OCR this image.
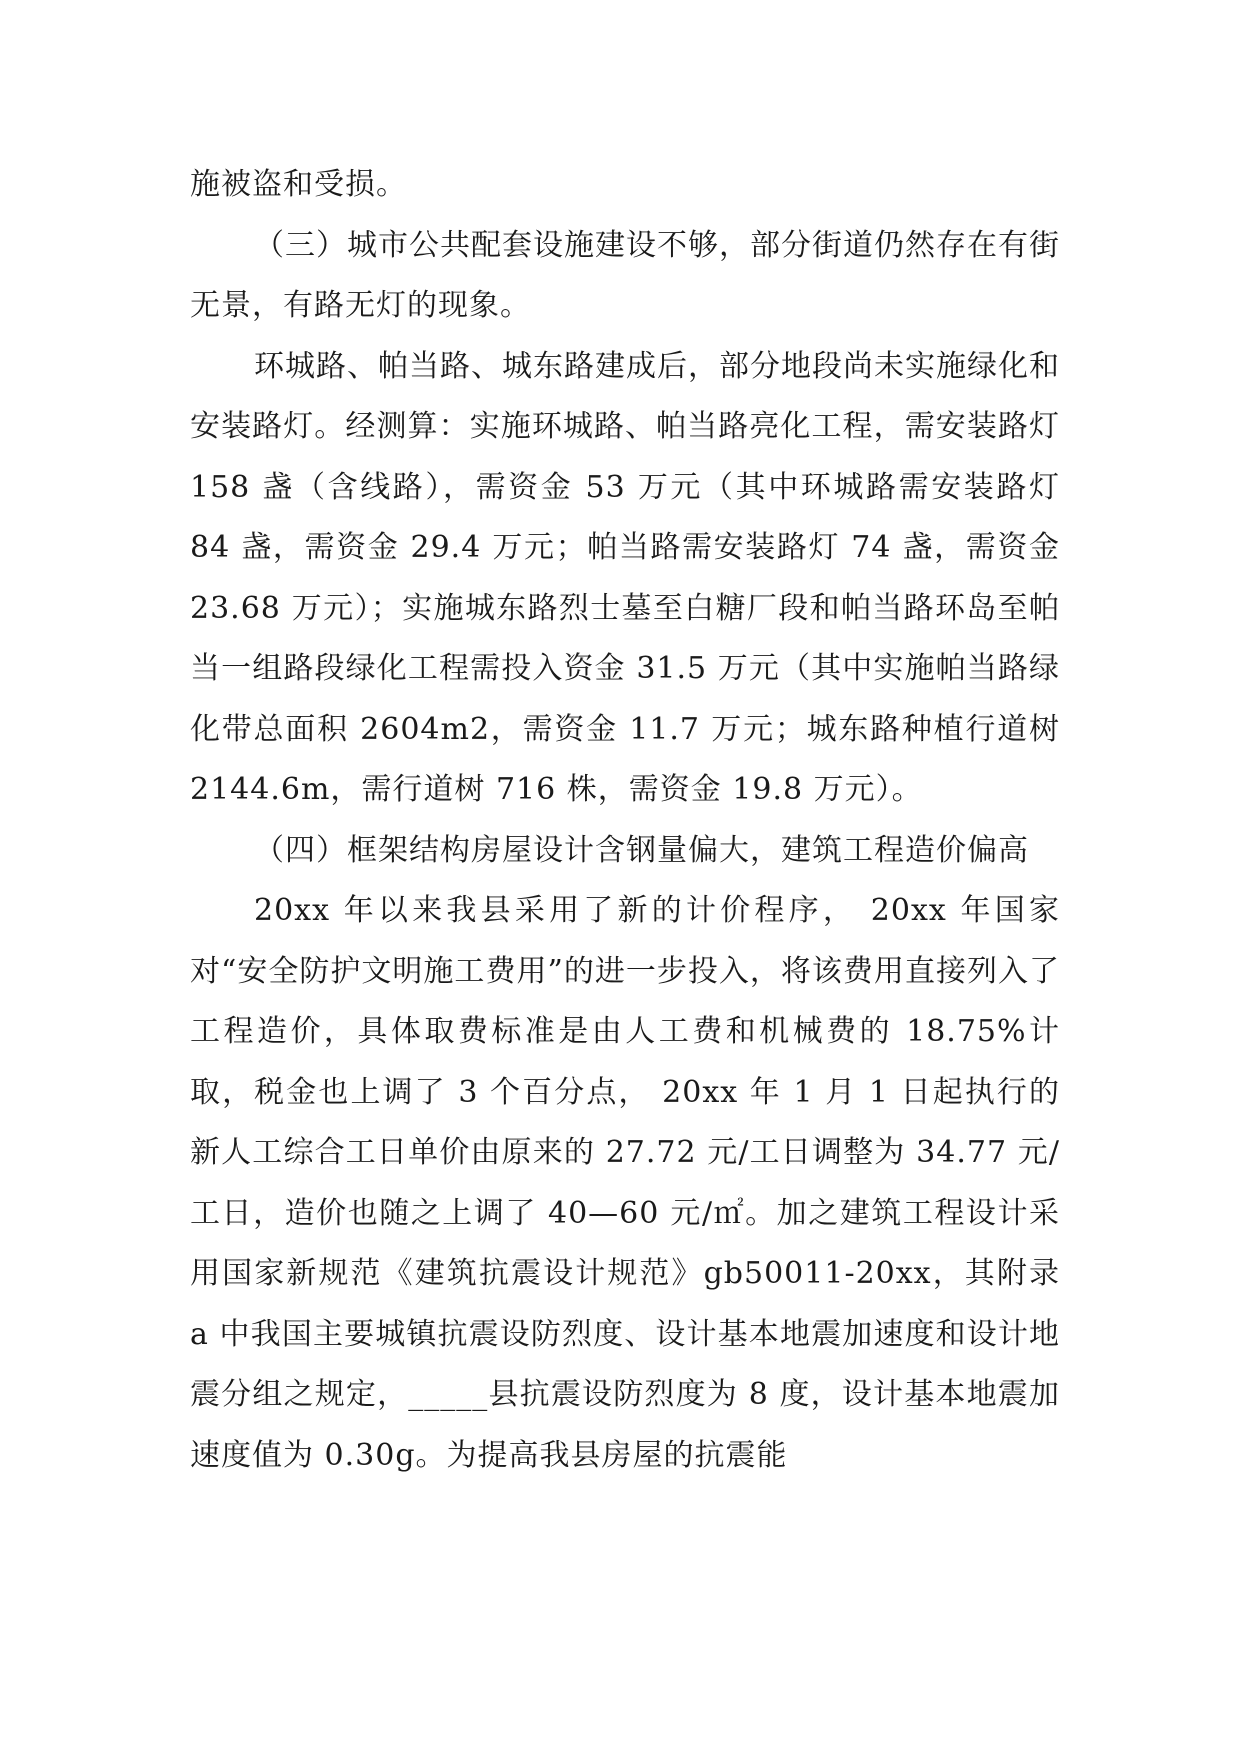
施被盗和受损。

（三）城市公共配套设施建设不够，部分街道仍然存在有街无景，有路无灯的现象。

环城路、帕当路、城东路建成后，部分地段尚未实施绿化和安装路灯。经测算：实施环城路、帕当路亮化工程，需安装路灯 158 盏（含线路），需资金 53 万元（其中环城路需安装路灯 84 盏，需资金 29.4 万元；帕当路需安装路灯 74 盏，需资金 23.68 万元）；实施城东路烈士墓至白糖厂段和帕当路环岛至帕当一组路段绿化工程需投入资金 31.5 万元（其中实施帕当路绿化带总面积 2604m2，需资金 11.7 万元；城东路种植行道树 2144.6m，需行道树 716 株，需资金 19.8 万元）。

（四）框架结构房屋设计含钢量偏大，建筑工程造价偏高

20xx 年以来我县采用了新的计价程序， 20xx 年国家对“安全防护文明施工费用”的进一步投入，将该费用直接列入了工程造价，具体取费标准是由人工费和机械费的 18.75%计取，税金也上调了 3 个百分点， 20xx 年 1 月 1 日起执行的新人工综合工日单价由原来的 27.72 元/工日调整为 34.77 元/工日，造价也随之上调了 40—60 元/㎡。加之建筑工程设计采用国家新规范《建筑抗震设计规范》gb50011-20xx，其附录 a 中我国主要城镇抗震设防烈度、设计基本地震加速度和设计地震分组之规定，_____县抗震设防烈度为 8 度，设计基本地震加速度值为 0.30g。为提高我县房屋的抗震能
